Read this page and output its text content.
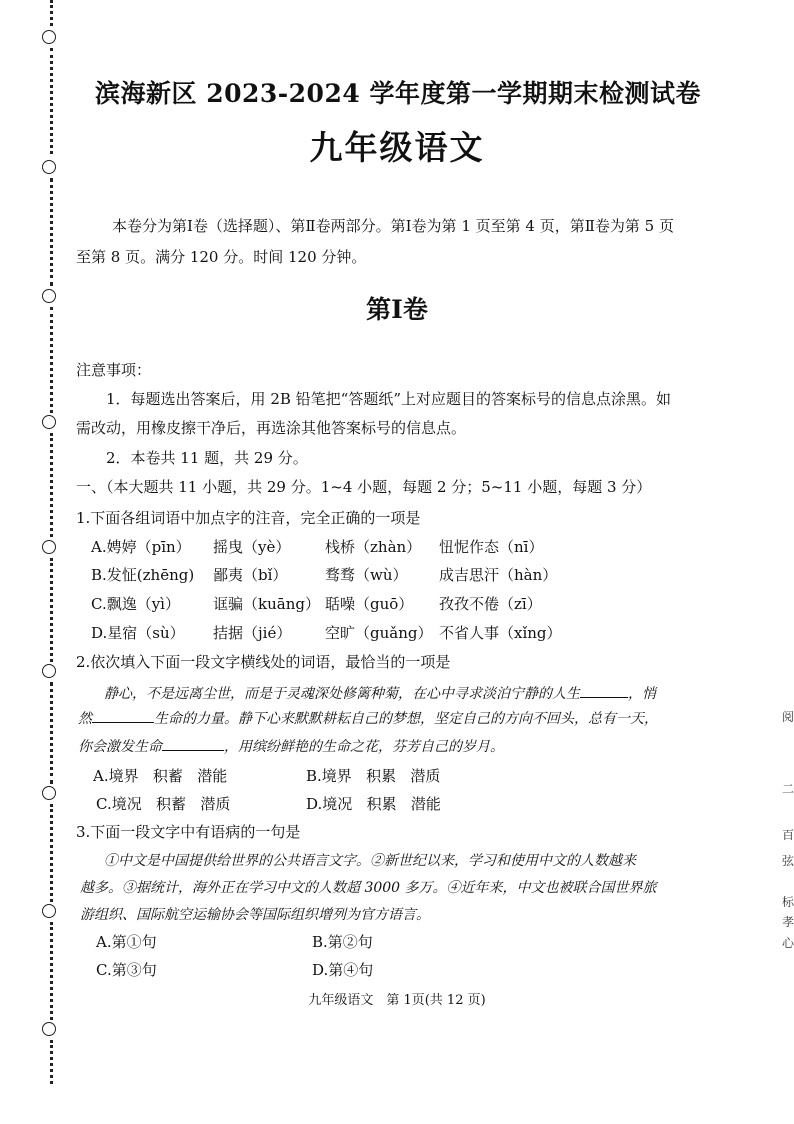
阅
二
百
弦
标
孝
心
滨海新区 2023-2024 学年度第一学期期末检测试卷
九年级语文
本卷分为第Ⅰ卷（选择题）、第Ⅱ卷两部分。第Ⅰ卷为第 1 页至第 4 页，第Ⅱ卷为第 5 页
至第 8 页。满分 120 分。时间 120 分钟。
第Ⅰ卷
注意事项：
1．每题选出答案后，用 2B 铅笔把“答题纸”上对应题目的答案标号的信息点涂黑。如
需改动，用橡皮擦干净后，再选涂其他答案标号的信息点。
2．本卷共 11 题，共 29 分。
一、（本大题共 11 小题，共 29 分。1~4 小题，每题 2 分；5~11 小题，每题 3 分）
1.下面各组词语中加点字的注音，完全正确的一项是
A.娉婷（pīn） 摇曳（yè） 栈桥（zhàn） 忸怩作态（nī）
B.发怔(zhēng) 鄙夷（bǐ）	骛骛（wù） 成吉思汗（hàn）
C.飘逸（yì） 诓骗（kuāng） 聒噪（guō） 孜孜不倦（zī）
D.星宿（sù） 拮据（jié） 空旷（guǎng） 不省人事（xǐng）
2.依次填入下面一段文字横线处的词语，最恰当的一项是
静心，不是远离尘世，而是于灵魂深处修篱种菊，在心中寻求淡泊宁静的人生	，悄
然	生命的力量。静下心来默默耕耘自己的梦想，坚定自己的方向不回头，总有一天，
你会激发生命	，用缤纷鲜艳的生命之花，芬芳自己的岁月。
A.境界   积蓄   潜能	B.境界   积累   潜质
C.境况   积蓄   潜质	D.境况   积累   潜能
3.下面一段文字中有语病的一句是
①中文是中国提供给世界的公共语言文字。②新世纪以来，学习和使用中文的人数越来
越多。③据统计，海外正在学习中文的人数超 3000 多万。④近年来，中文也被联合国世界旅
游组织、国际航空运输协会等国际组织增列为官方语言。
A.第①句	B.第②句
C.第③句	D.第④句
九年级语文　第 1页(共 12 页)
